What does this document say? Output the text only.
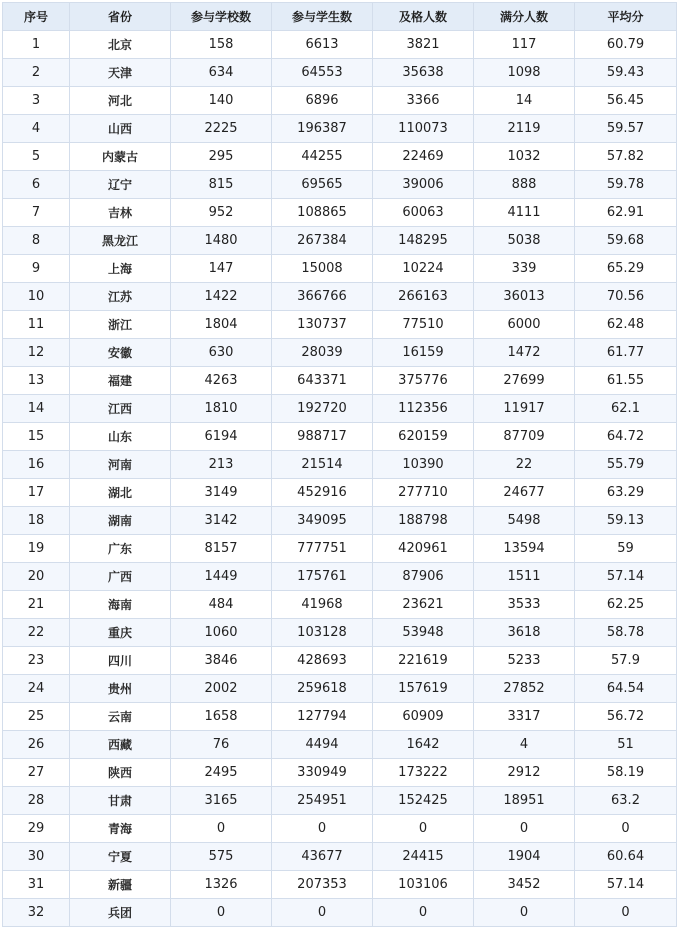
序号	省份	参与学校数	参与学生数	及格人数	满分人数	平均分
1	北京	158	6613	3821	117	60.79
2	天津	634	64553	35638	1098	59.43
3	河北	140	6896	3366	14	56.45
4	山西	2225	196387	110073	2119	59.57
5	内蒙古	295	44255	22469	1032	57.82
6	辽宁	815	69565	39006	888	59.78
7	吉林	952	108865	60063	4111	62.91
8	黑龙江	1480	267384	148295	5038	59.68
9	上海	147	15008	10224	339	65.29
10	江苏	1422	366766	266163	36013	70.56
11	浙江	1804	130737	77510	6000	62.48
12	安徽	630	28039	16159	1472	61.77
13	福建	4263	643371	375776	27699	61.55
14	江西	1810	192720	112356	11917	62.1
15	山东	6194	988717	620159	87709	64.72
16	河南	213	21514	10390	22	55.79
17	湖北	3149	452916	277710	24677	63.29
18	湖南	3142	349095	188798	5498	59.13
19	广东	8157	777751	420961	13594	59
20	广西	1449	175761	87906	1511	57.14
21	海南	484	41968	23621	3533	62.25
22	重庆	1060	103128	53948	3618	58.78
23	四川	3846	428693	221619	5233	57.9
24	贵州	2002	259618	157619	27852	64.54
25	云南	1658	127794	60909	3317	56.72
26	西藏	76	4494	1642	4	51
27	陕西	2495	330949	173222	2912	58.19
28	甘肃	3165	254951	152425	18951	63.2
29	青海	0	0	0	0	0
30	宁夏	575	43677	24415	1904	60.64
31	新疆	1326	207353	103106	3452	57.14
32	兵团	0	0	0	0	0
